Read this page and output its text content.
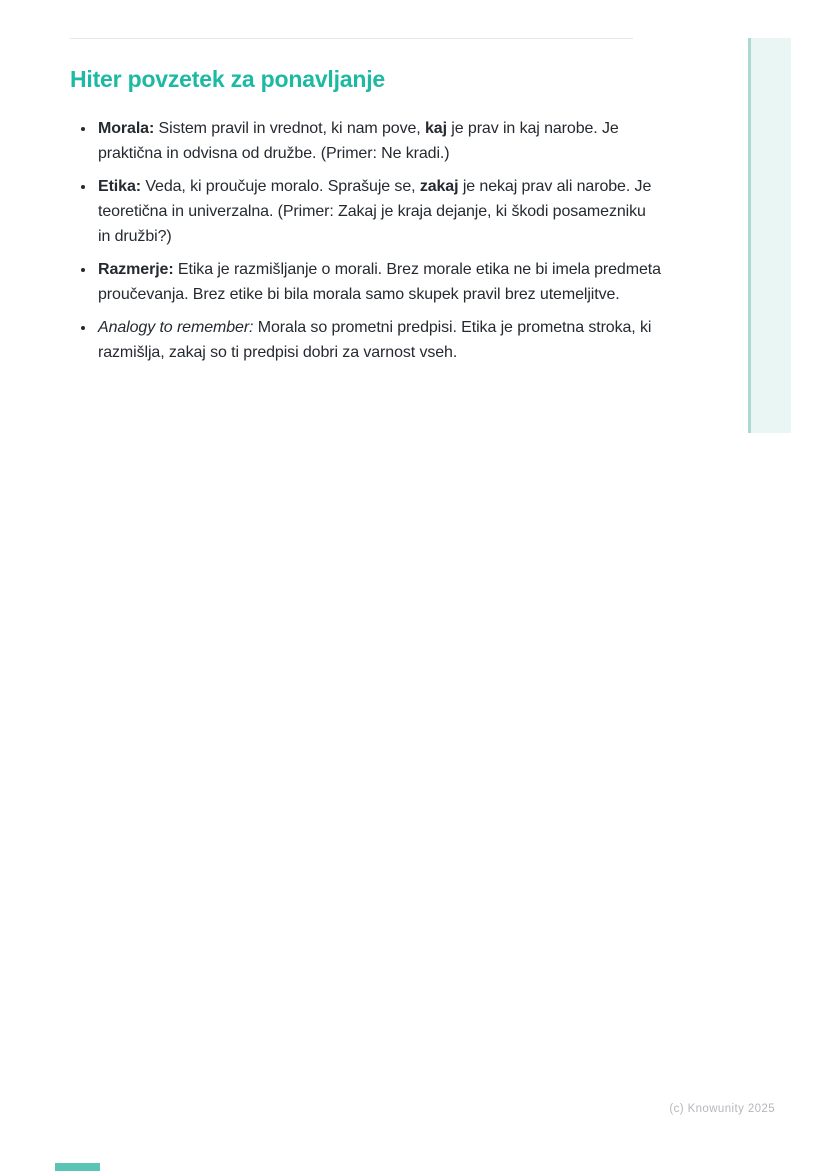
Hiter povzetek za ponavljanje
• Morala: Sistem pravil in vrednot, ki nam pove, kaj je prav in kaj narobe. Je praktična in odvisna od družbe. (Primer: Ne kradi.)
• Etika: Veda, ki proučuje moralo. Sprašuje se, zakaj je nekaj prav ali narobe. Je teoretična in univerzalna. (Primer: Zakaj je kraja dejanje, ki škodi posamezniku in družbi?)
• Razmerje: Etika je razmišljanje o morali. Brez morale etika ne bi imela predmeta proučevanja. Brez etike bi bila morala samo skupek pravil brez utemeljitve.
• Analogy to remember: Morala so prometni predpisi. Etika je prometna stroka, ki razmišlja, zakaj so ti predpisi dobri za varnost vseh.
(c) Knowunity 2025
